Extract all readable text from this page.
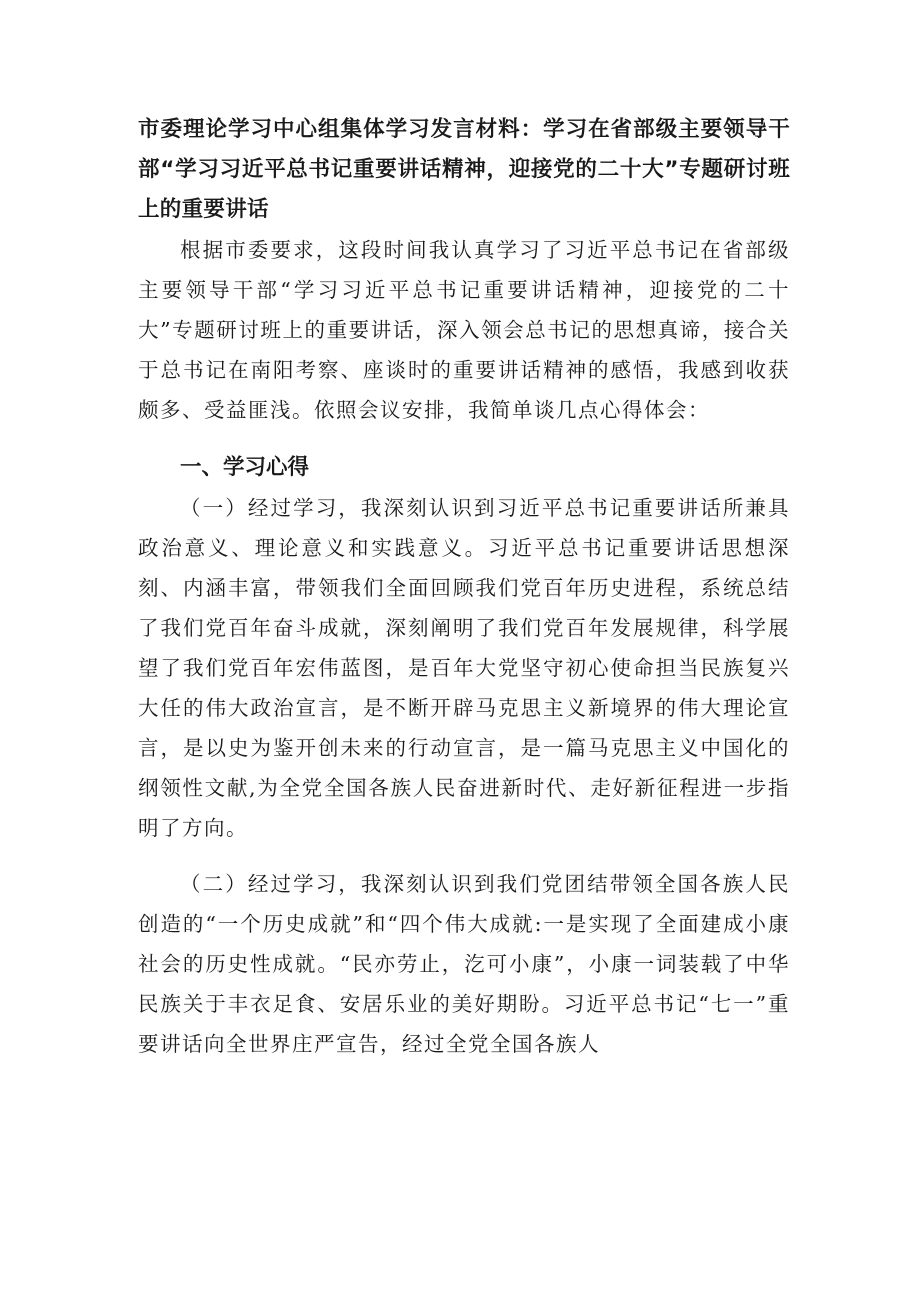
市委理论学习中心组集体学习发言材料：学习在省部级主要领导干部“学习习近平总书记重要讲话精神，迎接党的二十大”专题研讨班上的重要讲话

根据市委要求，这段时间我认真学习了习近平总书记在省部级主要领导干部“学习习近平总书记重要讲话精神，迎接党的二十大”专题研讨班上的重要讲话，深入领会总书记的思想真谛，接合关于总书记在南阳考察、座谈时的重要讲话精神的感悟，我感到收获颇多、受益匪浅。依照会议安排，我简单谈几点心得体会：

一、学习心得

（一）经过学习，我深刻认识到习近平总书记重要讲话所兼具政治意义、理论意义和实践意义。习近平总书记重要讲话思想深刻、内涵丰富，带领我们全面回顾我们党百年历史进程，系统总结了我们党百年奋斗成就，深刻阐明了我们党百年发展规律，科学展望了我们党百年宏伟蓝图，是百年大党坚守初心使命担当民族复兴大任的伟大政治宣言，是不断开辟马克思主义新境界的伟大理论宣言，是以史为鉴开创未来的行动宣言，是一篇马克思主义中国化的纲领性文献,为全党全国各族人民奋进新时代、走好新征程进一步指明了方向。

（二）经过学习，我深刻认识到我们党团结带领全国各族人民创造的“一个历史成就”和“四个伟大成就:一是实现了全面建成小康社会的历史性成就。“民亦劳止，汔可小康”，小康一词装载了中华民族关于丰衣足食、安居乐业的美好期盼。习近平总书记“七一”重要讲话向全世界庄严宣告，经过全党全国各族人
